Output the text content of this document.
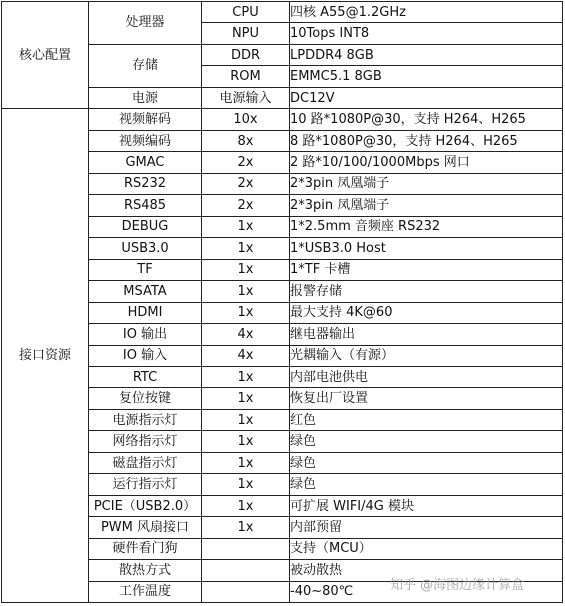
核心配置	处理器	CPU	四核 A55@1.2GHz
		NPU	10Tops INT8
	存储	DDR	LPDDR4 8GB
		ROM	EMMC5.1 8GB
	电源	电源输入	DC12V
接口资源	视频解码	10x	10 路*1080P@30，支持 H264、H265
	视频编码	8x	8 路*1080P@30，支持 H264、H265
	GMAC	2x	2 路*10/100/1000Mbps 网口
	RS232	2x	2*3pin 凤凰端子
	RS485	2x	2*3pin 凤凰端子
	DEBUG	1x	1*2.5mm 音频座 RS232
	USB3.0	1x	1*USB3.0 Host
	TF	1x	1*TF 卡槽
	MSATA	1x	报警存储
	HDMI	1x	最大支持 4K@60
	IO 输出	4x	继电器输出
	IO 输入	4x	光耦输入（有源）
	RTC	1x	内部电池供电
	复位按键	1x	恢复出厂设置
	电源指示灯	1x	红色
	网络指示灯	1x	绿色
	磁盘指示灯	1x	绿色
	运行指示灯	1x	绿色
	PCIE（USB2.0）	1x	可扩展 WIFI/4G 模块
	PWM 风扇接口	1x	内部预留
	硬件看门狗		支持（MCU）
	散热方式		被动散热
	工作温度		-40~80℃	知乎 @海图边缘计算盒
